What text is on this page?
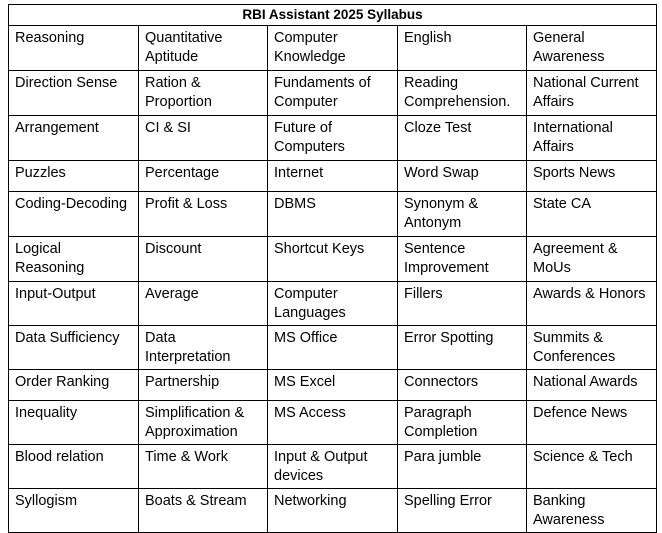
RBI Assistant 2025 Syllabus				
Reasoning	Quantitative Aptitude	Computer Knowledge	English	General Awareness
Direction Sense	Ration & Proportion	Fundaments of Computer	Reading Comprehension.	National Current Affairs
Arrangement	CI & SI	Future of Computers	Cloze Test	International Affairs
Puzzles	Percentage	Internet	Word Swap	Sports News
Coding-Decoding	Profit & Loss	DBMS	Synonym & Antonym	State CA
Logical Reasoning	Discount	Shortcut Keys	Sentence Improvement	Agreement & MoUs
Input-Output	Average	Computer Languages	Fillers	Awards & Honors
Data Sufficiency	Data Interpretation	MS Office	Error Spotting	Summits & Conferences
Order Ranking	Partnership	MS Excel	Connectors	National Awards
Inequality	Simplification & Approximation	MS Access	Paragraph Completion	Defence News
Blood relation	Time & Work	Input & Output devices	Para jumble	Science & Tech
Syllogism	Boats & Stream	Networking	Spelling Error	Banking Awareness
